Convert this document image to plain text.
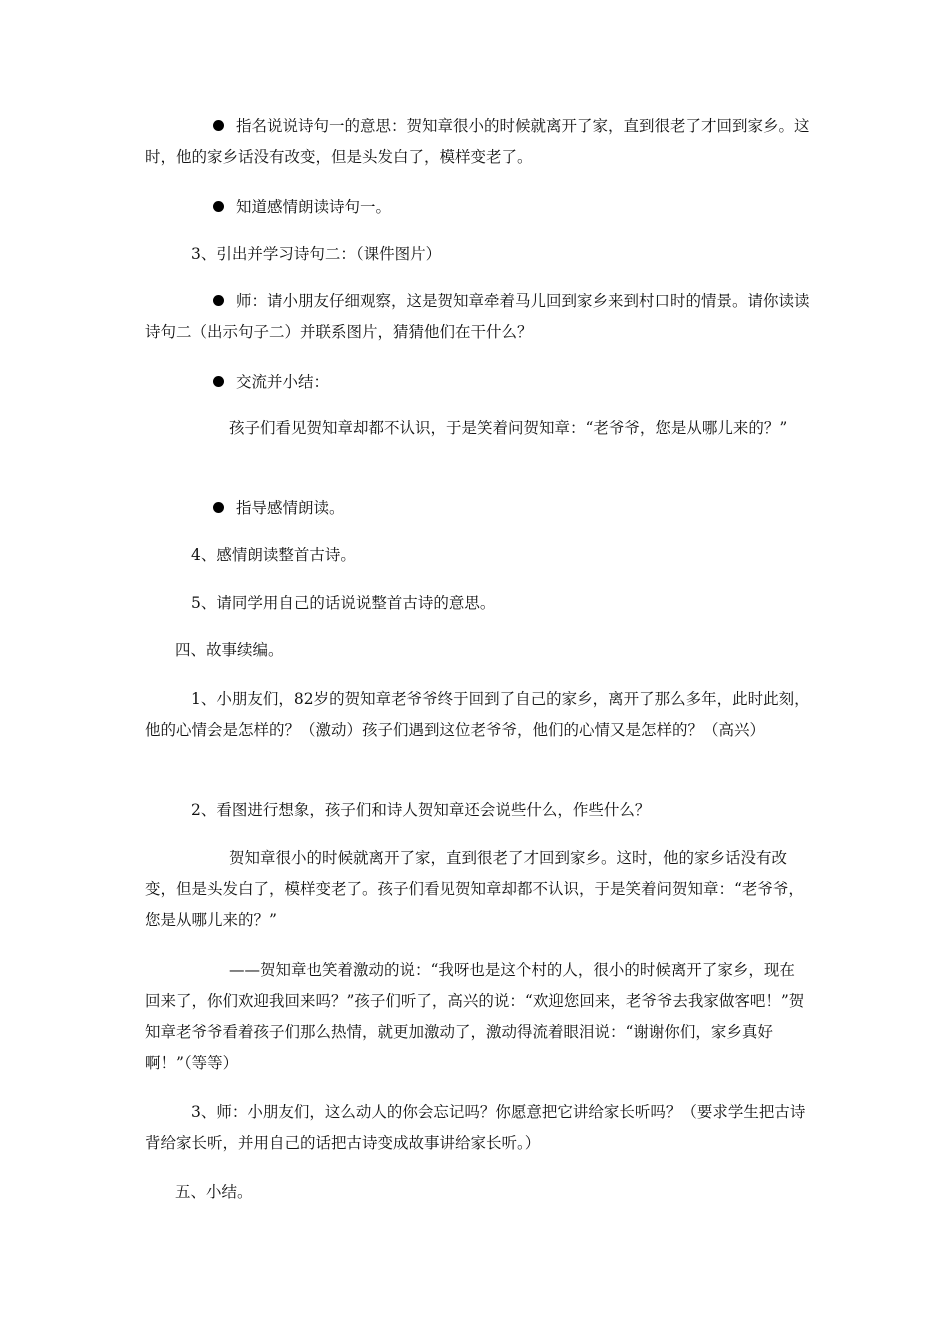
指名说说诗句一的意思：贺知章很小的时候就离开了家，直到很老了才回到家乡。这时，他的家乡话没有改变，但是头发白了，模样变老了。

知道感情朗读诗句一。

3、引出并学习诗句二：（课件图片）

师：请小朋友仔细观察，这是贺知章牵着马儿回到家乡来到村口时的情景。请你读读诗句二（出示句子二）并联系图片，猜猜他们在干什么？

交流并小结：

孩子们看见贺知章却都不认识，于是笑着问贺知章：“老爷爷，您是从哪儿来的？”

指导感情朗读。

4、感情朗读整首古诗。

5、请同学用自己的话说说整首古诗的意思。

四、故事续编。

1、小朋友们，82岁的贺知章老爷爷终于回到了自己的家乡，离开了那么多年，此时此刻，他的心情会是怎样的？（激动）孩子们遇到这位老爷爷，他们的心情又是怎样的？（高兴）

2、看图进行想象，孩子们和诗人贺知章还会说些什么，作些什么？

贺知章很小的时候就离开了家，直到很老了才回到家乡。这时，他的家乡话没有改变，但是头发白了，模样变老了。孩子们看见贺知章却都不认识，于是笑着问贺知章：“老爷爷，您是从哪儿来的？”

——贺知章也笑着激动的说：“我呀也是这个村的人，很小的时候离开了家乡，现在回来了，你们欢迎我回来吗？”孩子们听了，高兴的说：“欢迎您回来，老爷爷去我家做客吧！”贺知章老爷爷看着孩子们那么热情，就更加激动了，激动得流着眼泪说：“谢谢你们，家乡真好啊！”（等等）

3、师：小朋友们，这么动人的你会忘记吗？你愿意把它讲给家长听吗？（要求学生把古诗背给家长听，并用自己的话把古诗变成故事讲给家长听。）

五、小结。
